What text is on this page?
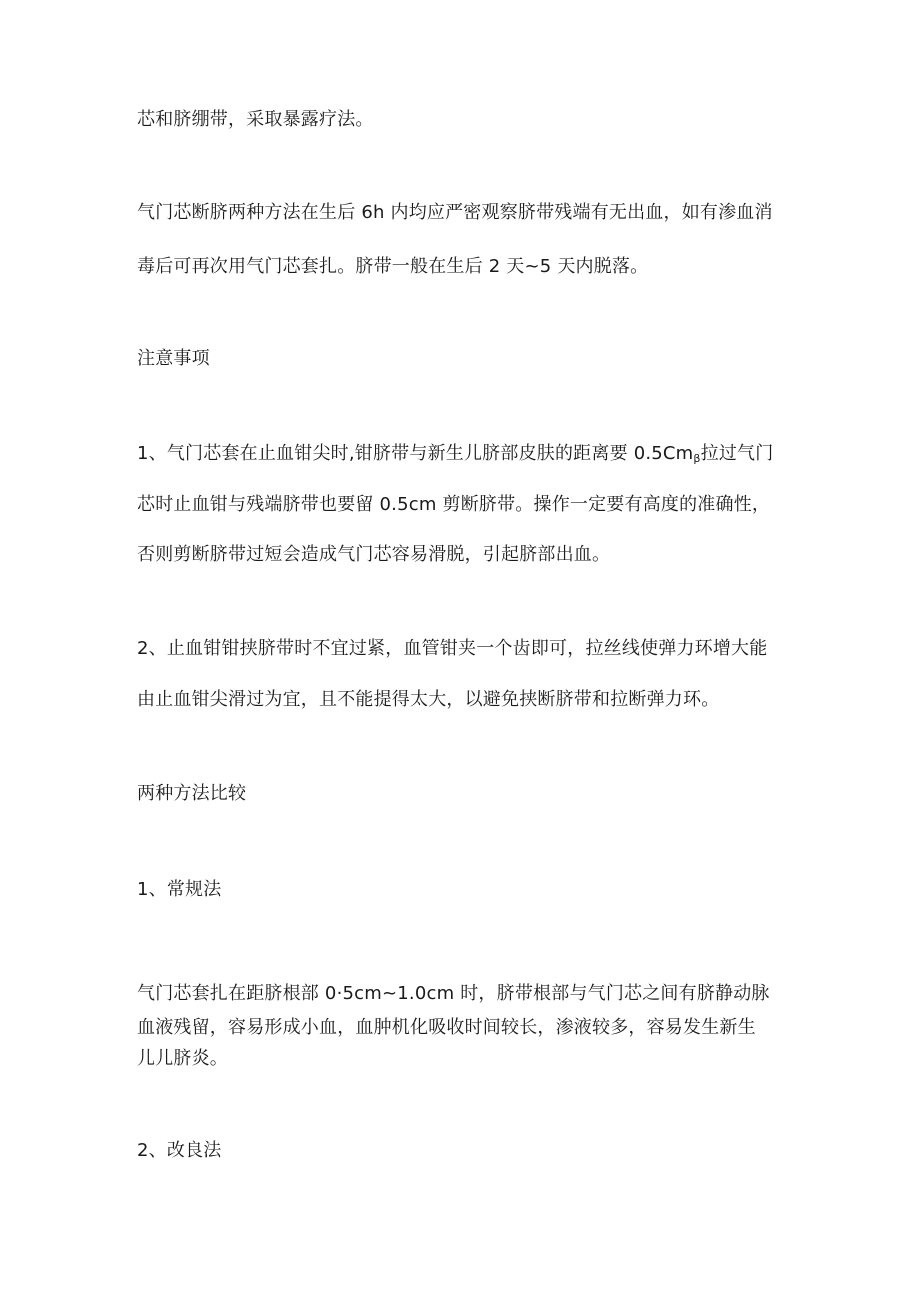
芯和脐绷带，采取暴露疗法。

气门芯断脐两种方法在生后 6h 内均应严密观察脐带残端有无出血，如有渗血消

毒后可再次用气门芯套扎。脐带一般在生后 2 天~5 天内脱落。

注意事项

1、气门芯套在止血钳尖时,钳脐带与新生儿脐部皮肤的距离要 $0.5Cm_\beta$拉过气门

芯时止血钳与残端脐带也要留 0.5cm 剪断脐带。操作一定要有高度的准确性，

否则剪断脐带过短会造成气门芯容易滑脱，引起脐部出血。

2、止血钳钳挟脐带时不宜过紧，血管钳夹一个齿即可，拉丝线使弹力环增大能

由止血钳尖滑过为宜，且不能提得太大，以避免挟断脐带和拉断弹力环。

两种方法比较

1、常规法

气门芯套扎在距脐根部 0·5cm~1.0cm 时，脐带根部与气门芯之间有脐静动脉

血液残留，容易形成小血，血肿机化吸收时间较长，渗液较多，容易发生新生

儿儿脐炎。

2、改良法
